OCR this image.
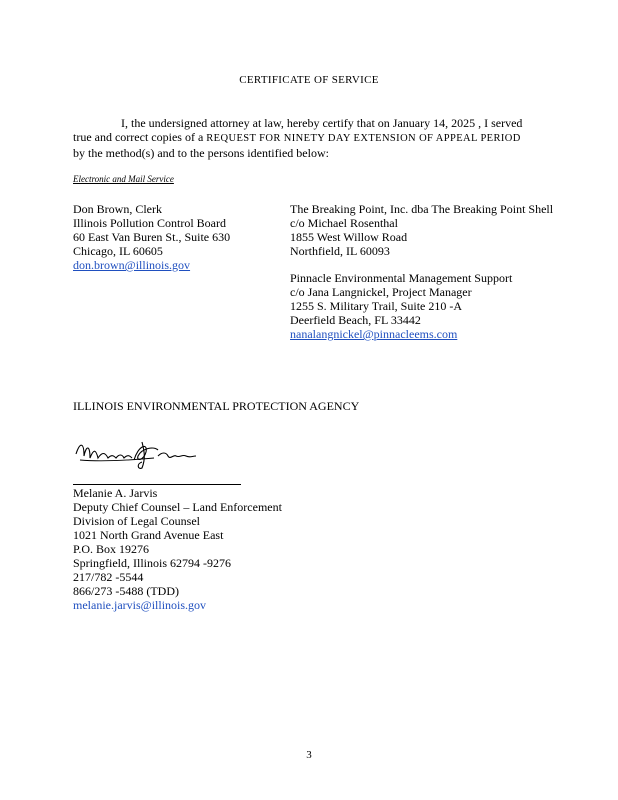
CERTIFICATE OF SERVICE
I, the undersigned attorney at law, hereby certify that on January 14, 2025 , I served
true and correct copies of a REQUEST FOR NINETY DAY EXTENSION OF APPEAL PERIOD
by the method(s) and to the persons identified below:
Electronic and Mail Service
Don Brown, Clerk
Illinois Pollution Control Board
60 East Van Buren St., Suite 630
Chicago, IL 60605
don.brown@illinois.gov
The Breaking Point, Inc. dba The Breaking Point Shell
c/o Michael Rosenthal
1855 West Willow Road
Northfield, IL 60093
Pinnacle Environmental Management Support
c/o Jana Langnickel, Project Manager
1255 S. Military Trail, Suite 210 -A
Deerfield Beach, FL 33442
nanalangnickel@pinnacleems.com
ILLINOIS ENVIRONMENTAL PROTECTION AGENCY
Melanie A. Jarvis
Deputy Chief Counsel – Land Enforcement
Division of Legal Counsel
1021 North Grand Avenue East
P.O. Box 19276
Springfield, Illinois 62794 -9276
217/782 -5544
866/273 -5488 (TDD)
melanie.jarvis@illinois.gov
3
